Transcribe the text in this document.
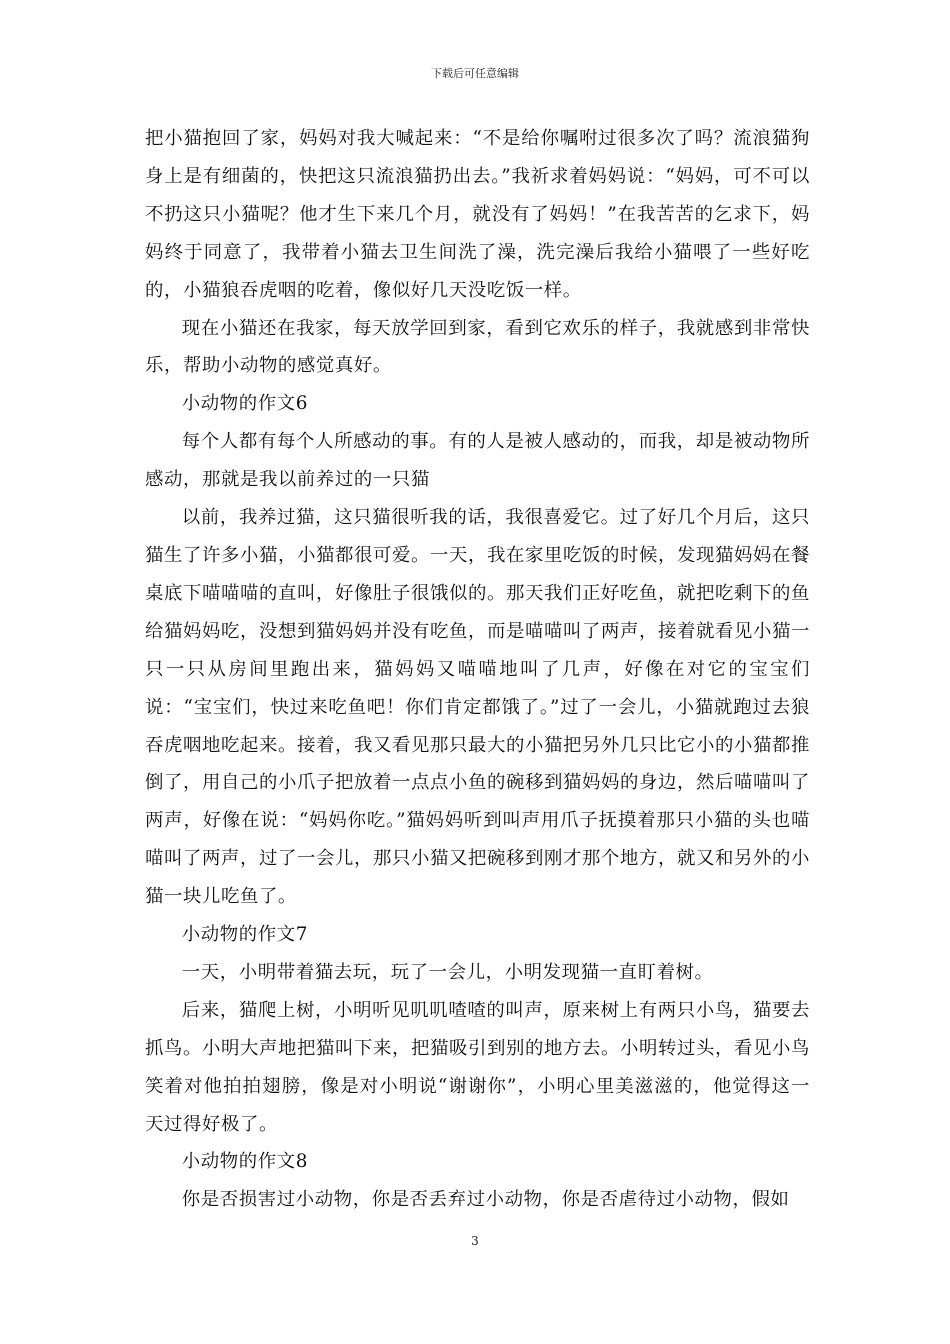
下载后可任意编辑

把小猫抱回了家，妈妈对我大喊起来：“不是给你嘱咐过很多次了吗？流浪猫狗身上是有细菌的，快把这只流浪猫扔出去。”我祈求着妈妈说：“妈妈，可不可以不扔这只小猫呢？他才生下来几个月，就没有了妈妈！”在我苦苦的乞求下，妈妈终于同意了，我带着小猫去卫生间洗了澡，洗完澡后我给小猫喂了一些好吃的，小猫狼吞虎咽的吃着，像似好几天没吃饭一样。

现在小猫还在我家，每天放学回到家，看到它欢乐的样子，我就感到非常快乐，帮助小动物的感觉真好。

小动物的作文6

每个人都有每个人所感动的事。有的人是被人感动的，而我，却是被动物所感动，那就是我以前养过的一只猫

以前，我养过猫，这只猫很听我的话，我很喜爱它。过了好几个月后，这只猫生了许多小猫，小猫都很可爱。一天，我在家里吃饭的时候，发现猫妈妈在餐桌底下喵喵喵的直叫，好像肚子很饿似的。那天我们正好吃鱼，就把吃剩下的鱼给猫妈妈吃，没想到猫妈妈并没有吃鱼，而是喵喵叫了两声，接着就看见小猫一只一只从房间里跑出来，猫妈妈又喵喵地叫了几声，好像在对它的宝宝们说：“宝宝们，快过来吃鱼吧！你们肯定都饿了。”过了一会儿，小猫就跑过去狼吞虎咽地吃起来。接着，我又看见那只最大的小猫把另外几只比它小的小猫都推倒了，用自己的小爪子把放着一点点小鱼的碗移到猫妈妈的身边，然后喵喵叫了两声，好像在说：“妈妈你吃。”猫妈妈听到叫声用爪子抚摸着那只小猫的头也喵喵叫了两声，过了一会儿，那只小猫又把碗移到刚才那个地方，就又和另外的小猫一块儿吃鱼了。

小动物的作文7

一天，小明带着猫去玩，玩了一会儿，小明发现猫一直盯着树。

后来，猫爬上树，小明听见叽叽喳喳的叫声，原来树上有两只小鸟，猫要去抓鸟。小明大声地把猫叫下来，把猫吸引到别的地方去。小明转过头，看见小鸟笑着对他拍拍翅膀，像是对小明说“谢谢你”，小明心里美滋滋的，他觉得这一天过得好极了。

小动物的作文8

你是否损害过小动物，你是否丢弃过小动物，你是否虐待过小动物，假如

3
